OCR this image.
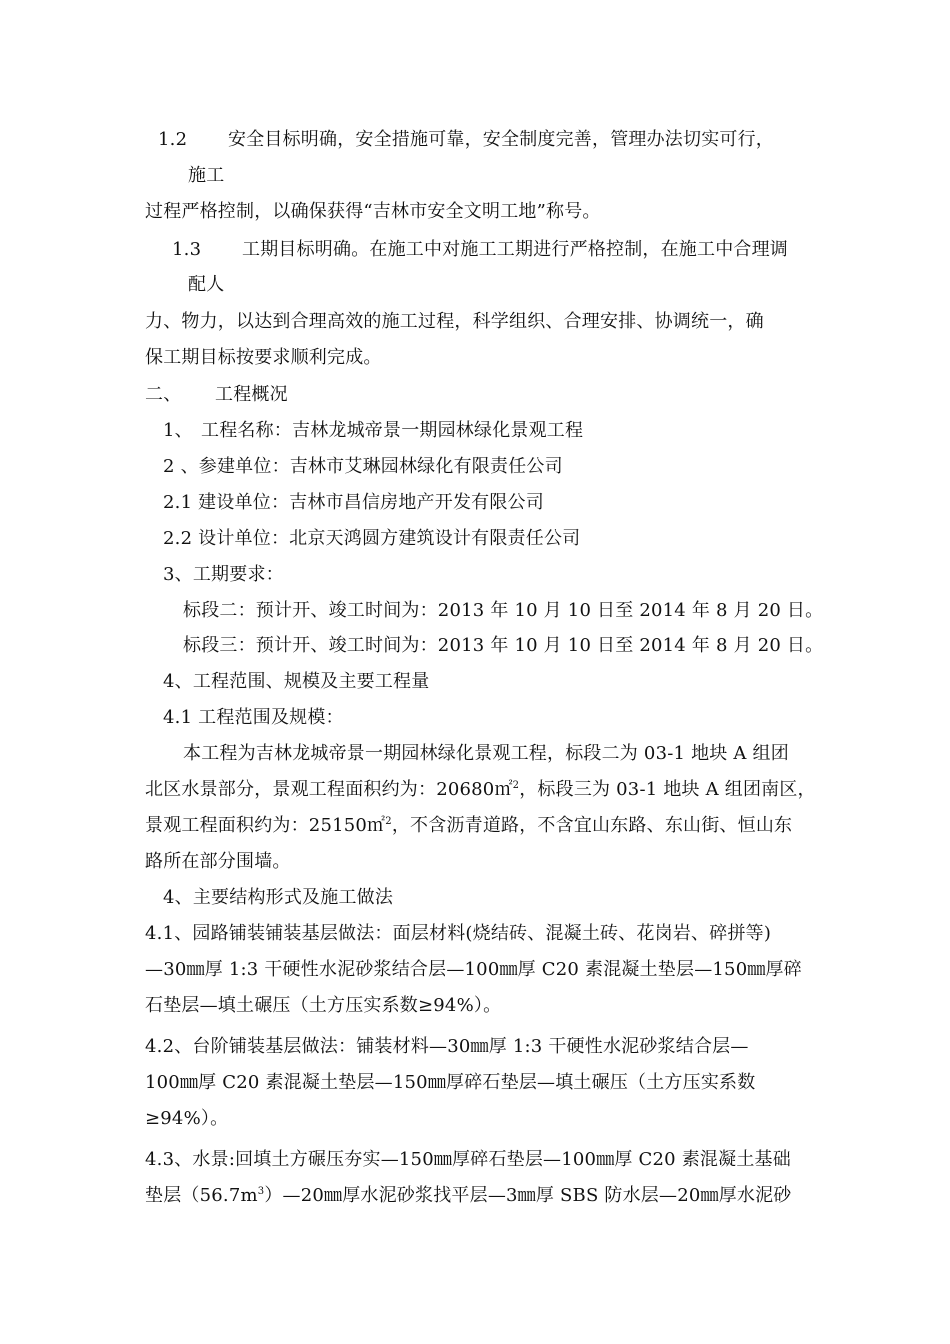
1.2 安全目标明确，安全措施可靠，安全制度完善，管理办法切实可行，
施工
过程严格控制，以确保获得“吉林市安全文明工地”称号。
1.3 工期目标明确。在施工中对施工工期进行严格控制，在施工中合理调
配人
力、物力，以达到合理高效的施工过程，科学组织、合理安排、协调统一，确
保工期目标按要求顺利完成。
二、 工程概况
1、 工程名称：吉林龙城帝景一期园林绿化景观工程
2 、参建单位：吉林市艾琳园林绿化有限责任公司
2.1 建设单位：吉林市昌信房地产开发有限公司
2.2 设计单位：北京天鸿圆方建筑设计有限责任公司
3、工期要求：
标段二：预计开、竣工时间为：2013 年 10 月 10 日至 2014 年 8 月 20 日。
标段三：预计开、竣工时间为：2013 年 10 月 10 日至 2014 年 8 月 20 日。
4、工程范围、规模及主要工程量
4.1 工程范围及规模：
本工程为吉林龙城帝景一期园林绿化景观工程，标段二为 03-1 地块 A 组团
北区水景部分，景观工程面积约为：20680㎡$^2$，标段三为 03-1 地块 A 组团南区，
景观工程面积约为：25150㎡$^2$，不含沥青道路，不含宜山东路、东山街、恒山东
路所在部分围墙。
4、主要结构形式及施工做法
4.1、园路铺装铺装基层做法：面层材料(烧结砖、混凝土砖、花岗岩、碎拼等)
—30㎜厚 1:3 干硬性水泥砂浆结合层—100㎜厚 C20 素混凝土垫层—150㎜厚碎
石垫层—填土碾压（土方压实系数≥94%）。
4.2、台阶铺装基层做法：铺装材料—30㎜厚 1:3 干硬性水泥砂浆结合层—
100㎜厚 C20 素混凝土垫层—150㎜厚碎石垫层—填土碾压（土方压实系数
≥94%）。
4.3、水景:回填土方碾压夯实—150㎜厚碎石垫层—100㎜厚 C20 素混凝土基础
垫层$(56.7m^3)—20㎜$厚水泥砂浆找平层—3㎜厚 SBS 防水层—20㎜厚水泥砂
